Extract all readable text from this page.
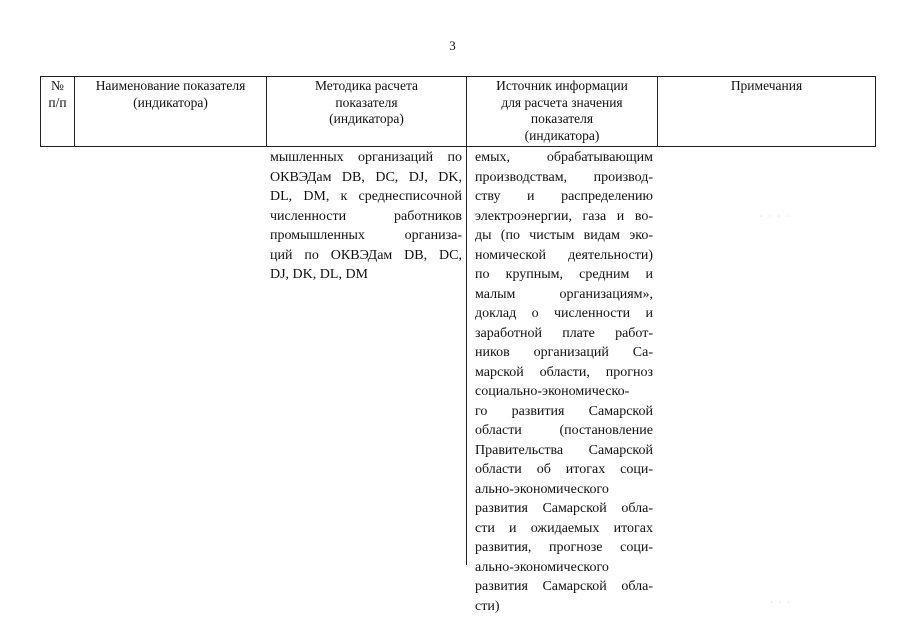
3
№
п/п
Наименование показателя
(индикатора)
Методика расчета
показателя
(индикатора)
Источник информации
для расчета значения
показателя
(индикатора)
Примечания
мышленных организаций по
ОКВЭДам DB, DC, DJ, DK,
DL, DM, к среднесписочной
численности работников
промышленных организа-
ций по ОКВЭДам DB, DC,
DJ, DK, DL, DM
емых, обрабатывающим
производствам, производ-
ству и распределению
электроэнергии, газа и во-
ды (по чистым видам эко-
номической деятельности)
по крупным, средним и
малым организациям»,
доклад о численности и
заработной плате работ-
ников организаций Са-
марской области, прогноз
социально-экономическо-
го развития Самарской
области (постановление
Правительства Самарской
области об итогах соци-
ально-экономического
развития Самарской обла-
сти и ожидаемых итогах
развития, прогнозе соци-
ально-экономического
развития Самарской обла-
сти)
· · · ·
· · ·
